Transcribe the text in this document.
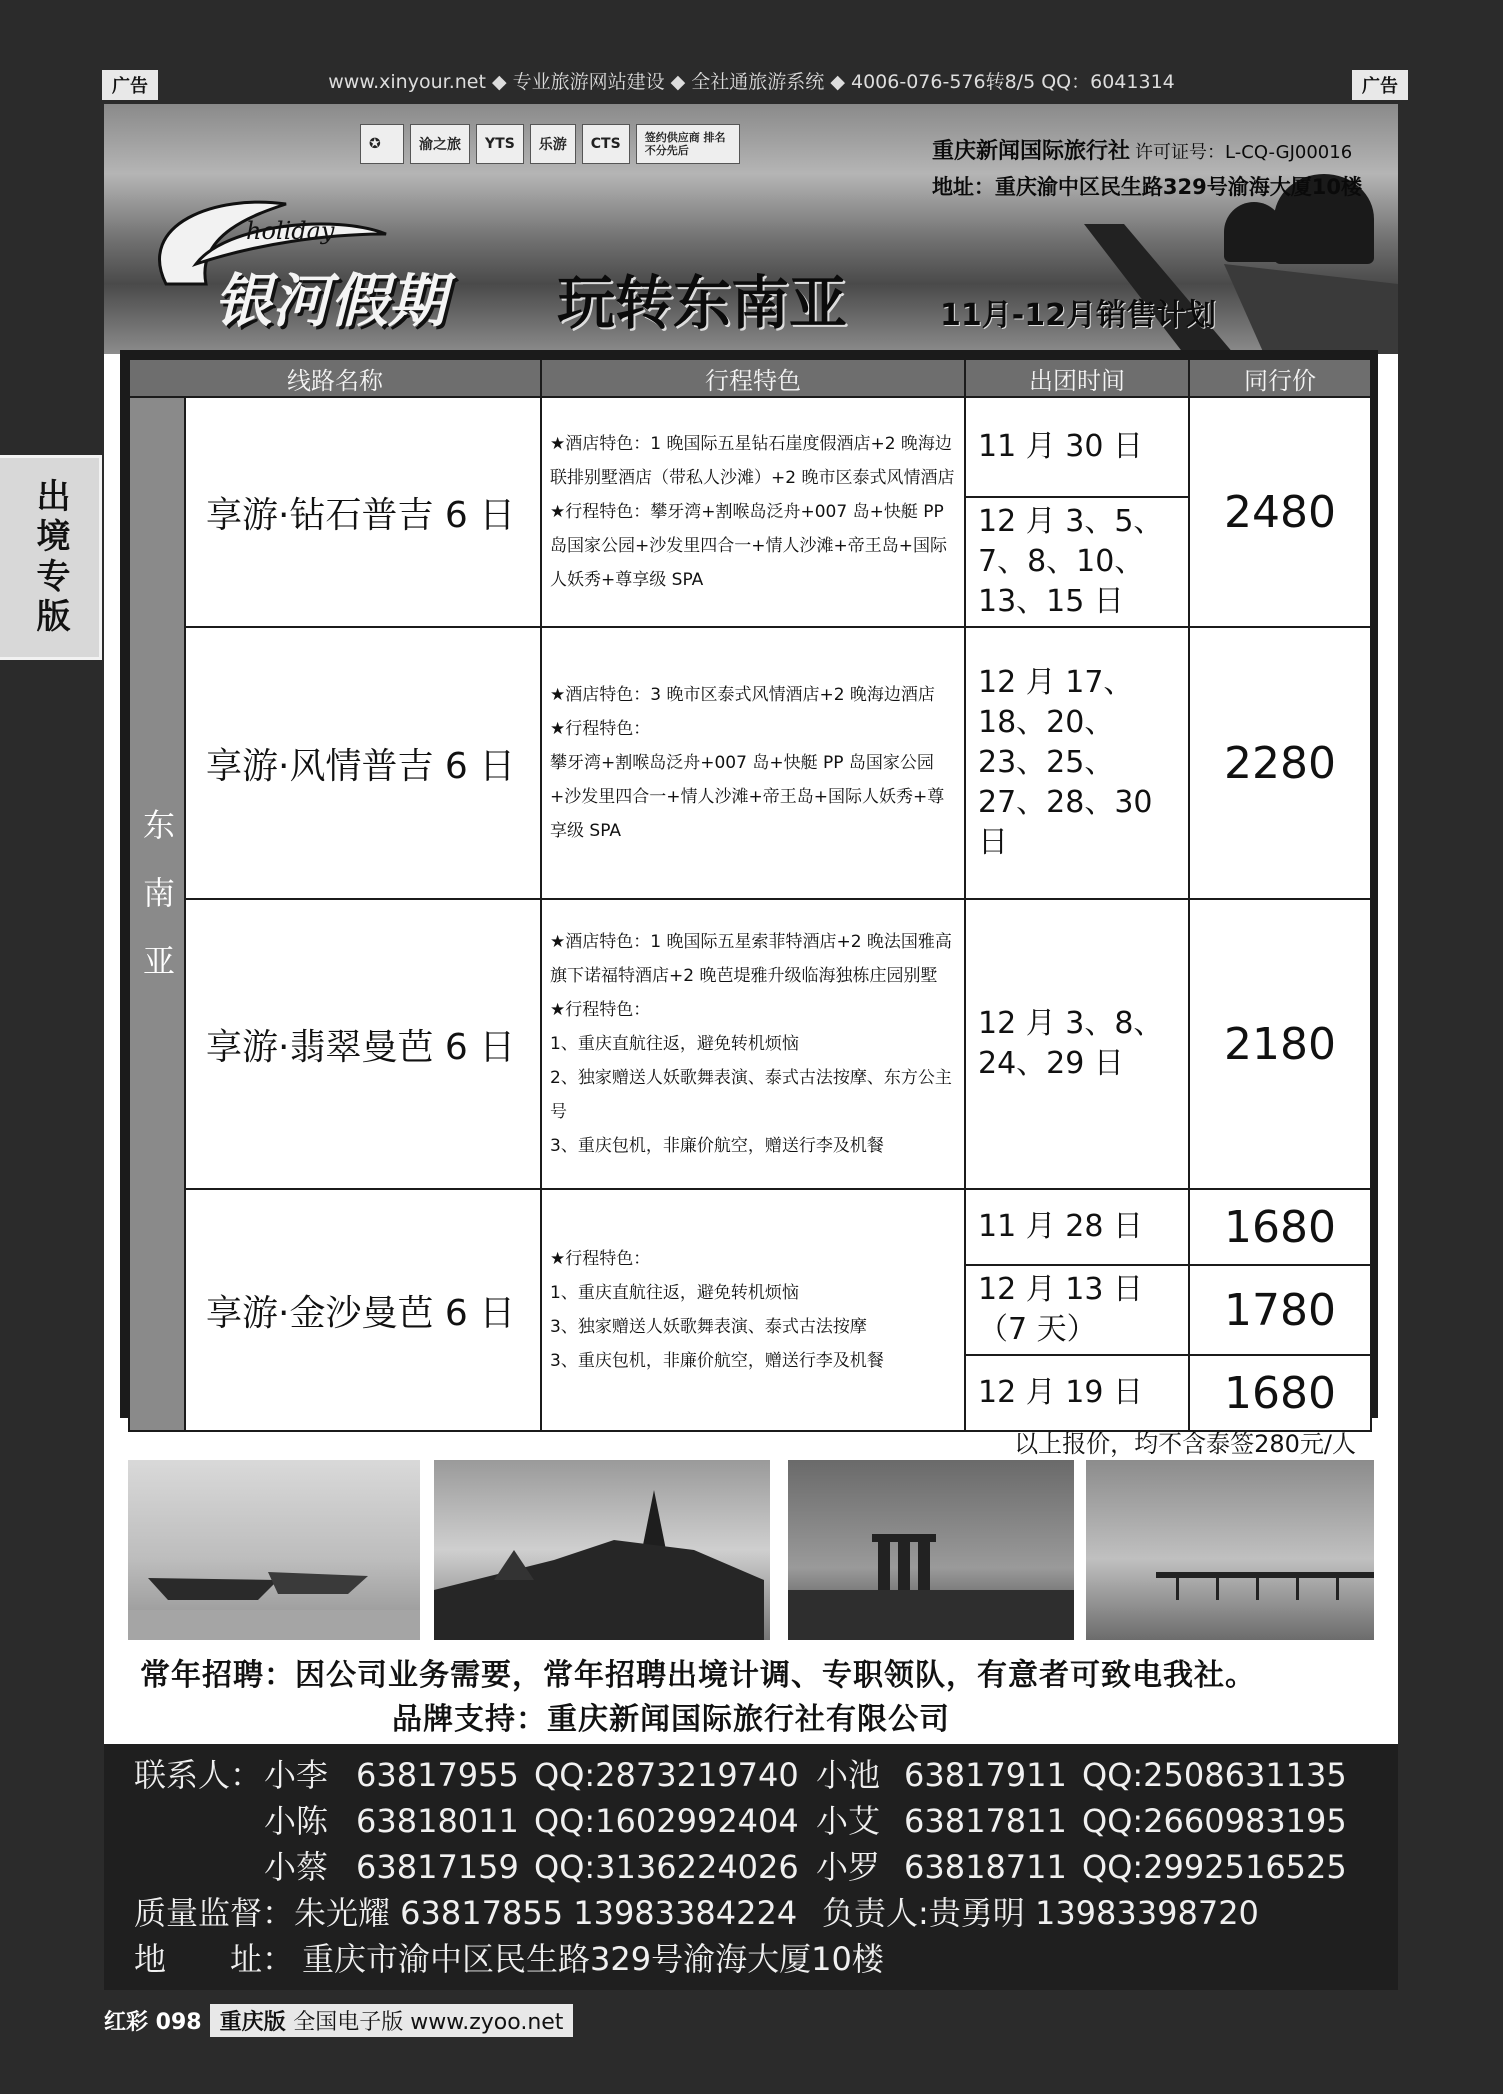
广告	www.xinyour.net ◆ 专业旅游网站建设 ◆ 全社通旅游系统 ◆ 4006-076-576转8/5 QQ：6041314	广告
出境专版
✪	渝之旅	YTS	乐游	CTS	签约供应商 排名不分先后	重庆新闻国际旅行社 许可证号：L-CQ-GJ00016
地址：重庆渝中区民生路329号渝海大厦10楼
holiday
银河假期 玩转东南亚	11月-12月销售计划
线路名称		行程特色	出团时间	同行价
东南亚	享游·钻石普吉 6 日	★酒店特色：1 晚国际五星钻石崖度假酒店+2 晚海边联排别墅酒店（带私人沙滩）+2 晚市区泰式风情酒店
★行程特色：攀牙湾+割喉岛泛舟+007 岛+快艇 PP 岛国家公园+沙发里四合一+情人沙滩+帝王岛+国际人妖秀+尊享级 SPA	11 月 30 日	2480
			12 月 3、5、7、8、10、13、15 日	
	享游·风情普吉 6 日	★酒店特色：3 晚市区泰式风情酒店+2 晚海边酒店
★行程特色：
攀牙湾+割喉岛泛舟+007 岛+快艇 PP 岛国家公园+沙发里四合一+情人沙滩+帝王岛+国际人妖秀+尊享级 SPA	12 月 17、18、20、23、25、27、28、30 日	2280
	享游·翡翠曼芭 6 日	★酒店特色：1 晚国际五星索菲特酒店+2 晚法国雅高旗下诺福特酒店+2 晚芭堤雅升级临海独栋庄园别墅
★行程特色：
1、重庆直航往返，避免转机烦恼
2、独家赠送人妖歌舞表演、泰式古法按摩、东方公主号
3、重庆包机，非廉价航空，赠送行李及机餐	12 月 3、8、24、29 日	2180
	享游·金沙曼芭 6 日	★行程特色：
1、重庆直航往返，避免转机烦恼
3、独家赠送人妖歌舞表演、泰式古法按摩
3、重庆包机，非廉价航空，赠送行李及机餐	11 月 28 日	1680
			12 月 13 日（7 天）	1780
			12 月 19 日	1680
以上报价，均不含泰签280元/人
常年招聘：因公司业务需要，常年招聘出境计调、专职领队，有意者可致电我社。
品牌支持：重庆新闻国际旅行社有限公司
联系人： 小李 63817955 QQ:2873219740 小池 63817911 QQ:2508631135
小陈 63818011 QQ:1602992404 小艾 63817811 QQ:2660983195
小蔡 63817159 QQ:3136224026 小罗 63818711 QQ:2992516525
质量监督：朱光耀 63817855 13983384224 负责人:贵勇明 13983398720
地　　址： 重庆市渝中区民生路329号渝海大厦10楼
红彩 098 重庆版 全国电子版 www.zyoo.net
